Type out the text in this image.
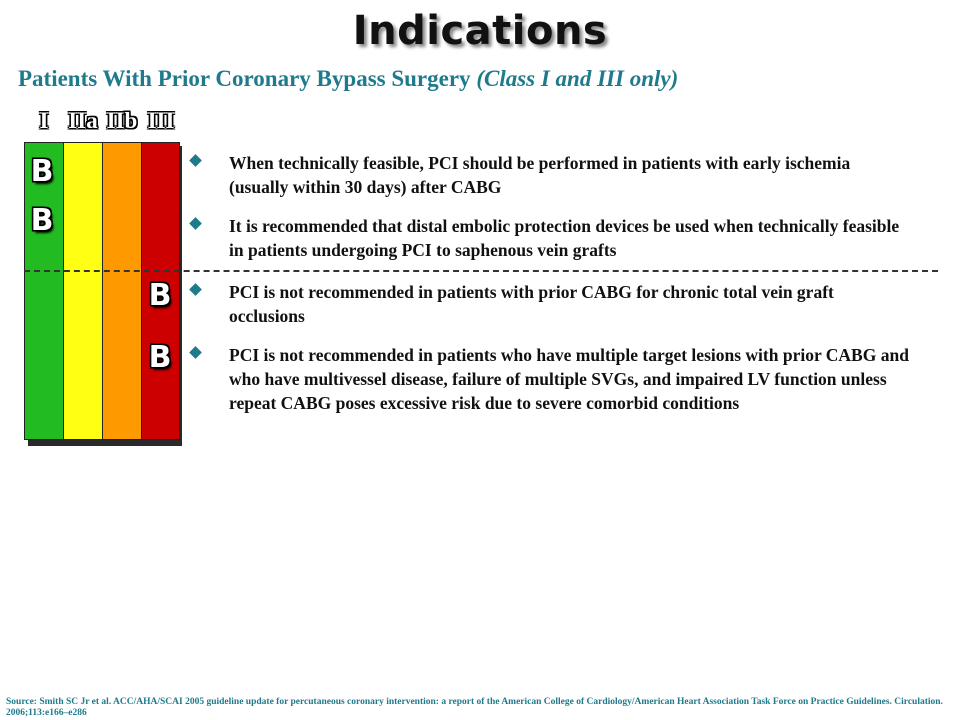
Indications
Patients With Prior Coronary Bypass Surgery (Class I and III only)
I IIa IIb III
B
B
B
B
When technically feasible, PCI should be performed in patients with early ischemia (usually within 30 days) after CABG
It is recommended that distal embolic protection devices be used when technically feasible in patients undergoing PCI to saphenous vein grafts
PCI is not recommended in patients with prior CABG for chronic total vein graft occlusions
PCI is not recommended in patients who have multiple target lesions with prior CABG and who have multivessel disease, failure of multiple SVGs, and impaired LV function unless repeat CABG poses excessive risk due to severe comorbid conditions
Source: Smith SC Jr et al. ACC/AHA/SCAI 2005 guideline update for percutaneous coronary intervention: a report of the American College of Cardiology/American Heart Association Task Force on Practice Guidelines. Circulation. 2006;113:e166–e286
